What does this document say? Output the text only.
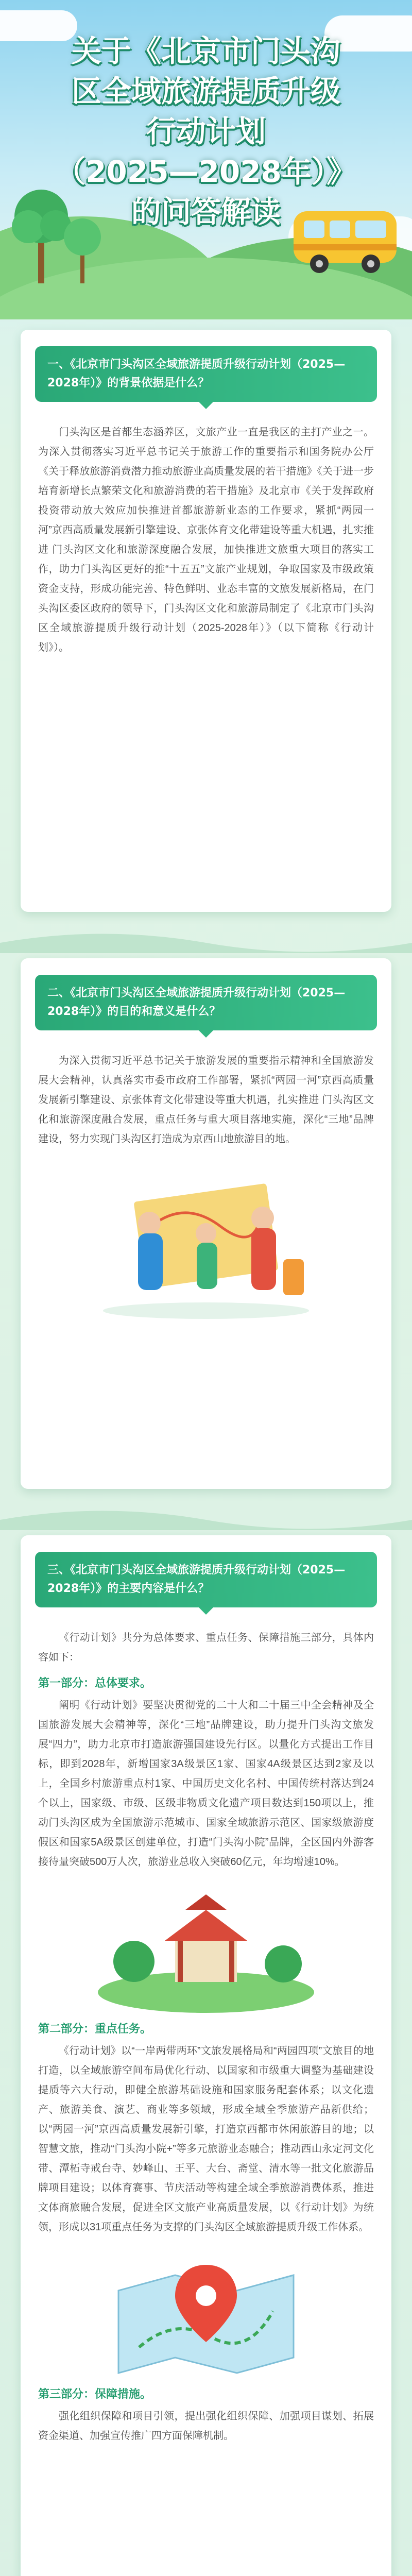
关于《北京市门头沟
区全域旅游提质升级
行动计划
（2025—2028年）》
的问答解读
一、《北京市门头沟区全域旅游提质升级行动计划（2025—2028年）》的背景依据是什么？

门头沟区是首都生态涵养区，文旅产业一直是我区的主打产业之一。为深入贯彻落实习近平总书记关于旅游工作的重要指示和国务院办公厅《关于释放旅游消费潜力推动旅游业高质量发展的若干措施》《关于进一步培育新增长点繁荣文化和旅游消费的若干措施》及北京市《关于发挥政府投资带动放大效应加快推进首都旅游新业态的工作要求，紧抓“两园一河”京西高质量发展新引擎建设、京张体育文化带建设等重大机遇，扎实推进 门头沟区文化和旅游深度融合发展，加快推进文旅重大项目的落实工作，助力门头沟区更好的推“十五五”文旅产业规划，争取国家及市级政策资金支持，形成功能完善、特色鲜明、业态丰富的文旅发展新格局，在门头沟区委区政府的领导下，门头沟区文化和旅游局制定了《北京市门头沟区全域旅游提质升级行动计划（2025-2028年）》（以下简称《行动计划》）。

二、《北京市门头沟区全域旅游提质升级行动计划（2025—2028年）》的目的和意义是什么？

为深入贯彻习近平总书记关于旅游发展的重要指示精神和全国旅游发展大会精神，认真落实市委市政府工作部署，紧抓“两园一河”京西高质量发展新引擎建设、京张体育文化带建设等重大机遇，扎实推进 门头沟区文化和旅游深度融合发展，重点任务与重大项目落地实施，深化“三地”品牌建设，努力实现门头沟区打造成为京西山地旅游目的地。

三、《北京市门头沟区全域旅游提质升级行动计划（2025—2028年）》的主要内容是什么？

《行动计划》共分为总体要求、重点任务、保障措施三部分，具体内容如下：

第一部分：总体要求。

阐明《行动计划》要坚决贯彻党的二十大和二十届三中全会精神及全国旅游发展大会精神等，深化“三地”品牌建设，助力提升门头沟文旅发展“四力”，助力北京市打造旅游强国建设先行区。以量化方式提出工作目标，即到2028年，新增国家3A级景区1家、国家4A级景区达到2家及以上，全国乡村旅游重点村1家、中国历史文化名村、中国传统村落达到24个以上，国家级、市级、区级非物质文化遗产项目数达到150项以上，推动门头沟区成为全国旅游示范城市、国家全域旅游示范区、国家级旅游度假区和国家5A级景区创建单位，打造“门头沟小院”品牌，全区国内外游客接待量突破500万人次，旅游业总收入突破60亿元，年均增速10%。

第二部分：重点任务。

《行动计划》以“一岸两带两环”文旅发展格局和“两园四项”文旅目的地打造，以全域旅游空间布局优化行动、以国家和市级重大调整为基础建设提质等六大行动，即健全旅游基础设施和国家服务配套体系；以文化遗产、旅游美食、演艺、商业等多领域，形成全域全季旅游产品新供给；以“两园一河”京西高质量发展新引擎，打造京西都市休闲旅游目的地；以智慧文旅，推动“门头沟小院+”等多元旅游业态融合；推动西山永定河文化带、潭柘寺戒台寺、妙峰山、王平、大台、斋堂、清水等一批文化旅游品牌项目建设；以体育赛事、节庆活动等构建全域全季旅游消费体系，推进文体商旅融合发展，促进全区文旅产业高质量发展，以《行动计划》为统领，形成以31项重点任务为支撑的门头沟区全域旅游提质升级工作体系。

第三部分：保障措施。

强化组织保障和项目引领，提出强化组织保障、加强项目谋划、拓展资金渠道、加强宣传推广四方面保障机制。
